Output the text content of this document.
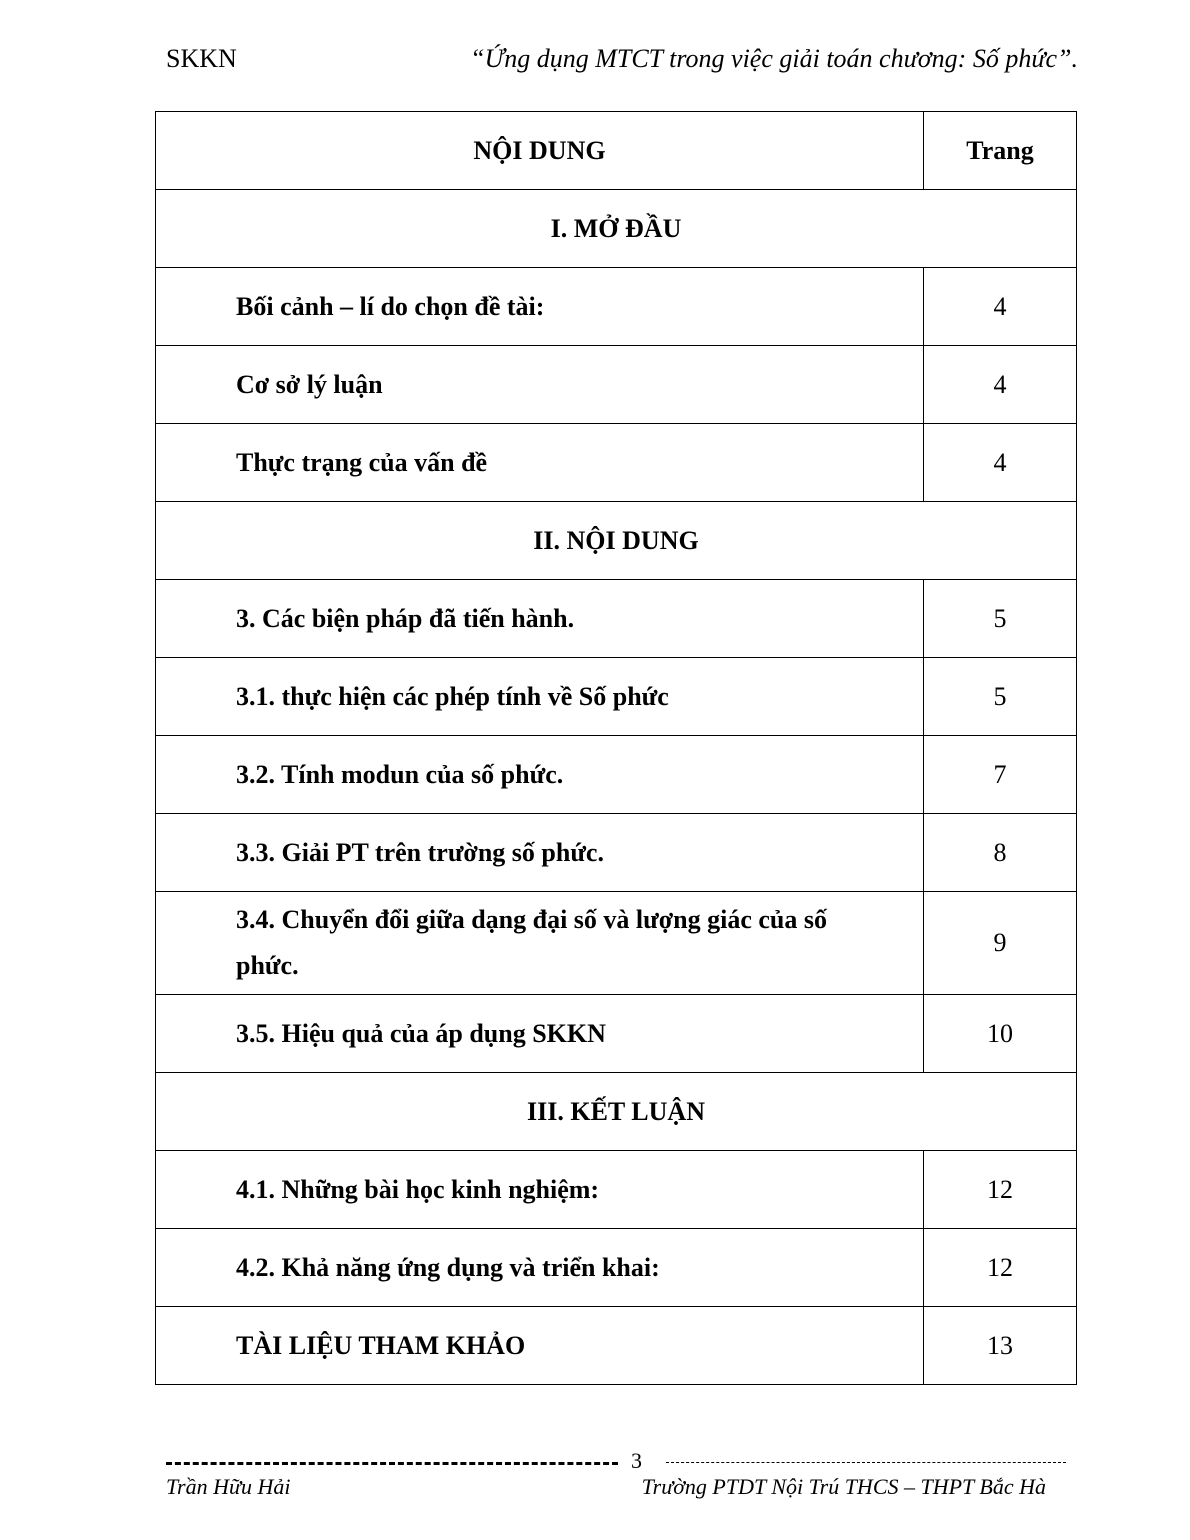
SKKN	“Ứng dụng MTCT trong việc giải toán chương: Số phức”.
NỘI DUNG	Trang
I. MỞ ĐẦU	
Bối cảnh – lí do chọn đề tài:	4
Cơ sở lý luận	4
Thực trạng của vấn đề	4
II. NỘI DUNG	
3. Các biện pháp đã tiến hành.	5
3.1. thực hiện các phép tính về Số phức	5
3.2. Tính modun của số phức.	7
3.3. Giải PT trên trường số phức.	8
3.4. Chuyển đổi giữa dạng đại số và lượng giác của số phức.	9
3.5. Hiệu quả của áp dụng SKKN	10
III. KẾT LUẬN	
4.1. Những bài học kinh nghiệm:	12
4.2. Khả năng ứng dụng và triển khai:	12
TÀI LIỆU THAM KHẢO	13
3
Trần Hữu Hải	Trường PTDT Nội Trú THCS – THPT Bắc Hà
